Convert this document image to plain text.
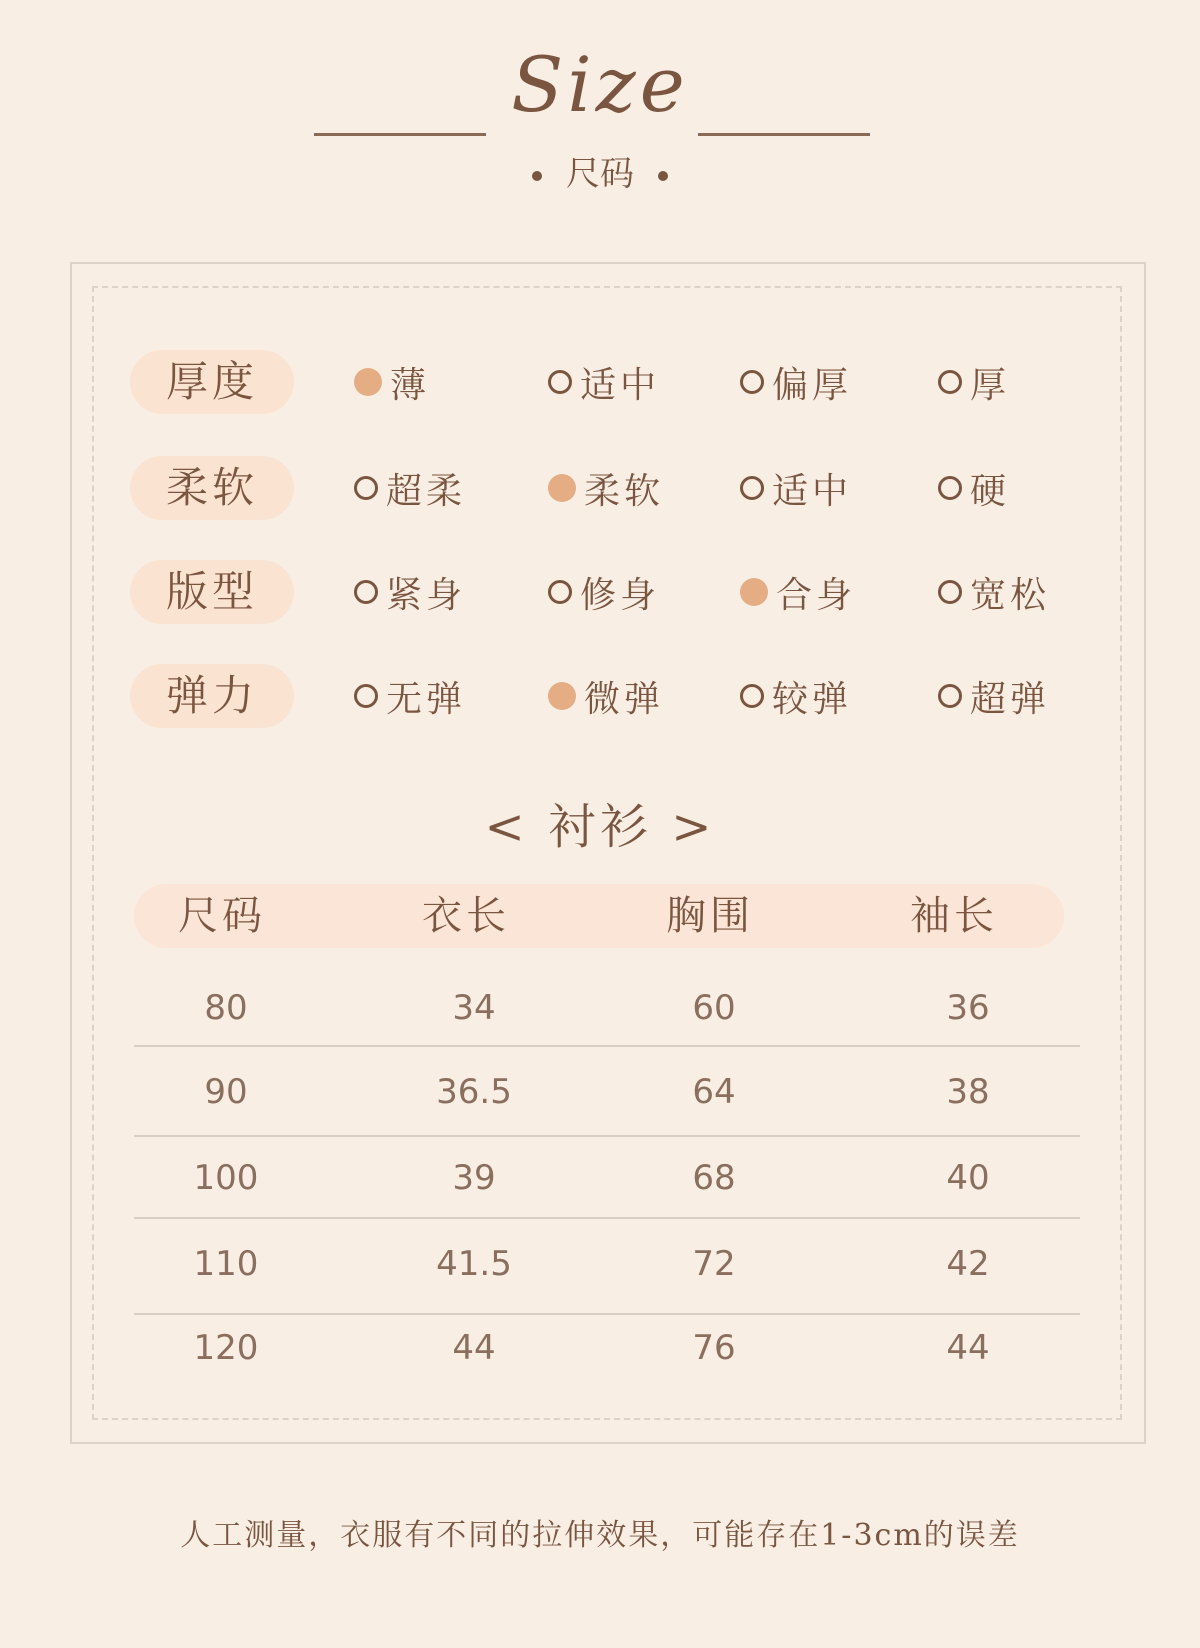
Size
尺码
厚度	薄	适中	偏厚	厚
柔软	超柔	柔软	适中	硬
版型	紧身	修身	合身	宽松
弹力	无弹	微弹	较弹	超弹
< 衬衫 >
尺码	衣长	胸围	袖长
80	34	60	36
90	36.5	64	38
100	39	68	40
110	41.5	72	42
120	44	76	44
人工测量，衣服有不同的拉伸效果，可能存在1-3cm的误差
